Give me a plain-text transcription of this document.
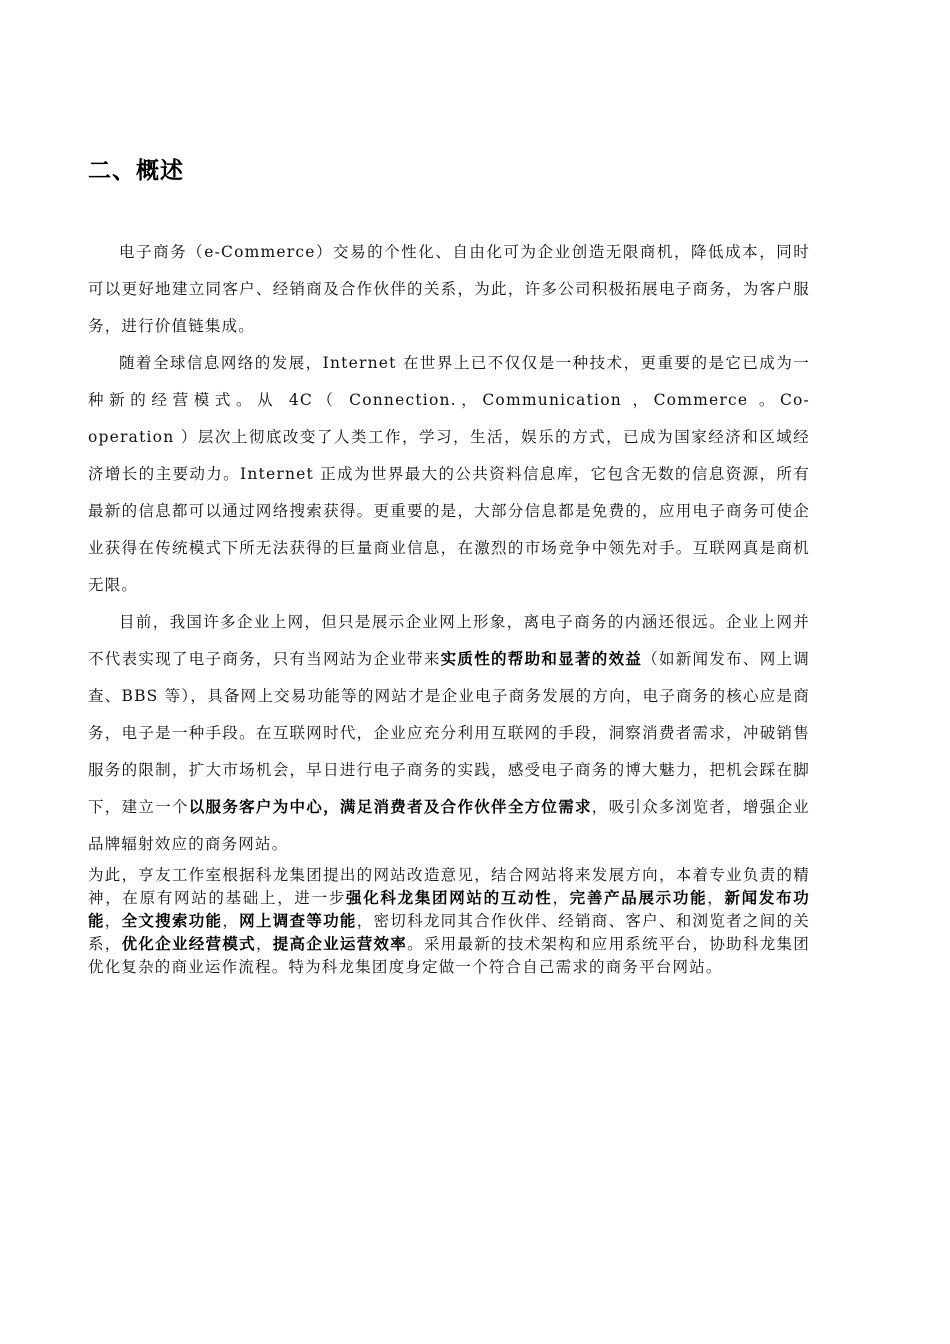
二、概述

电子商务（e-Commerce）交易的个性化、自由化可为企业创造无限商机，降低成本，同时可以更好地建立同客户、经销商及合作伙伴的关系，为此，许多公司积极拓展电子商务，为客户服务，进行价值链集成。

随着全球信息网络的发展，Internet 在世界上已不仅仅是一种技术，更重要的是它已成为一种新的经营模式。从 4C（ Connection.，Communication ，Commerce 。Co-operation ）层次上彻底改变了人类工作，学习，生活，娱乐的方式，已成为国家经济和区域经济增长的主要动力。Internet 正成为世界最大的公共资料信息库，它包含无数的信息资源，所有最新的信息都可以通过网络搜索获得。更重要的是，大部分信息都是免费的，应用电子商务可使企业获得在传统模式下所无法获得的巨量商业信息，在激烈的市场竞争中领先对手。互联网真是商机无限。

目前，我国许多企业上网，但只是展示企业网上形象，离电子商务的内涵还很远。企业上网并不代表实现了电子商务，只有当网站为企业带来实质性的帮助和显著的效益（如新闻发布、网上调查、BBS 等），具备网上交易功能等的网站才是企业电子商务发展的方向，电子商务的核心应是商务，电子是一种手段。在互联网时代，企业应充分利用互联网的手段，洞察消费者需求，冲破销售服务的限制，扩大市场机会，早日进行电子商务的实践，感受电子商务的博大魅力，把机会踩在脚下，建立一个以服务客户为中心，满足消费者及合作伙伴全方位需求，吸引众多浏览者，增强企业品牌辐射效应的商务网站。

为此，亨友工作室根据科龙集团提出的网站改造意见，结合网站将来发展方向，本着专业负责的精神，在原有网站的基础上，进一步强化科龙集团网站的互动性，完善产品展示功能，新闻发布功能，全文搜索功能，网上调查等功能，密切科龙同其合作伙伴、经销商、客户、和浏览者之间的关系，优化企业经营模式，提高企业运营效率。采用最新的技术架构和应用系统平台，协助科龙集团优化复杂的商业运作流程。特为科龙集团度身定做一个符合自己需求的商务平台网站。
